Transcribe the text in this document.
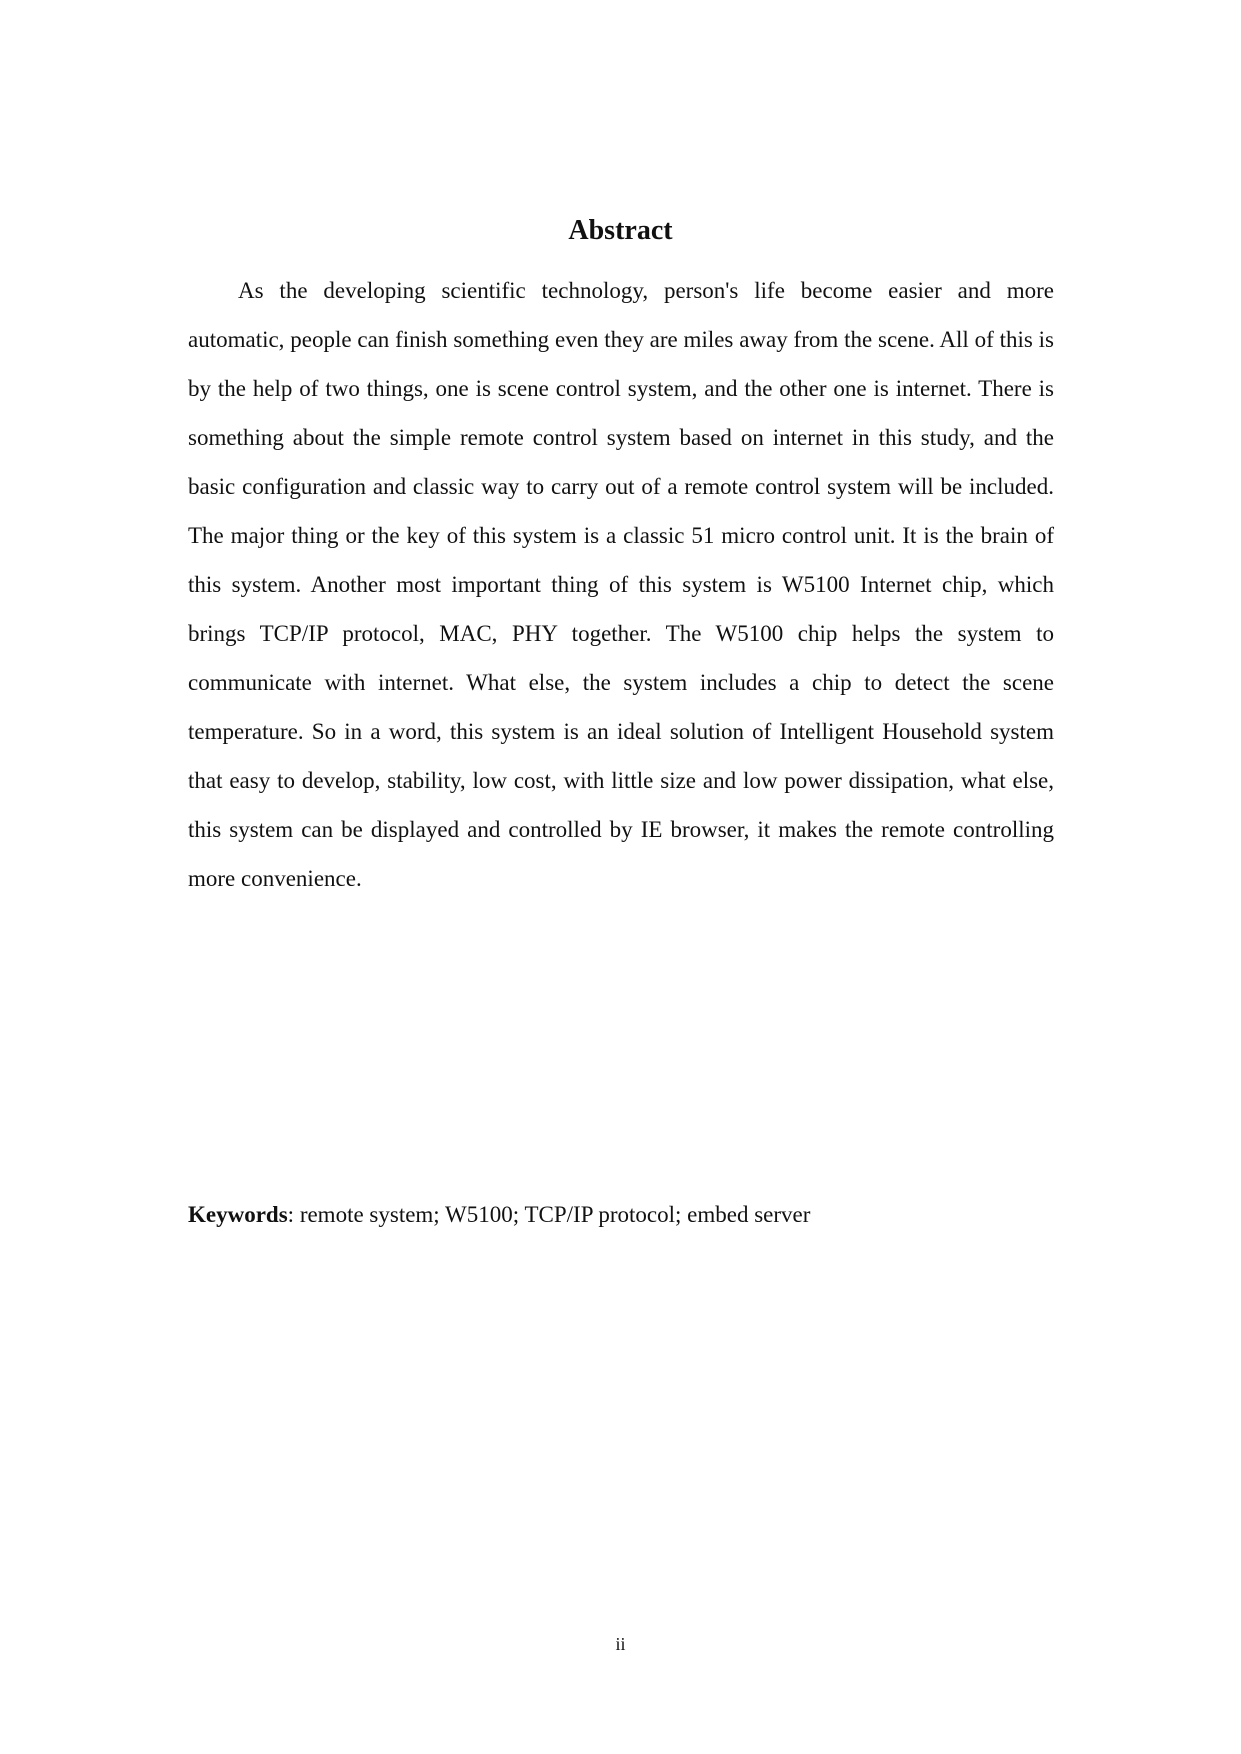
Abstract

As the developing scientific technology, person's life become easier and more automatic, people can finish something even they are miles away from the scene. All of this is by the help of two things, one is scene control system, and the other one is internet. There is something about the simple remote control system based on internet in this study, and the basic configuration and classic way to carry out of a remote control system will be included. The major thing or the key of this system is a classic 51 micro control unit. It is the brain of this system. Another most important thing of this system is W5100 Internet chip, which brings TCP/IP protocol, MAC, PHY together. The W5100 chip helps the system to communicate with internet. What else, the system includes a chip to detect the scene temperature. So in a word, this system is an ideal solution of Intelligent Household system that easy to develop, stability, low cost, with little size and low power dissipation, what else, this system can be displayed and controlled by IE browser, it makes the remote controlling more convenience.

Keywords: remote system; W5100; TCP/IP protocol; embed server

ii
